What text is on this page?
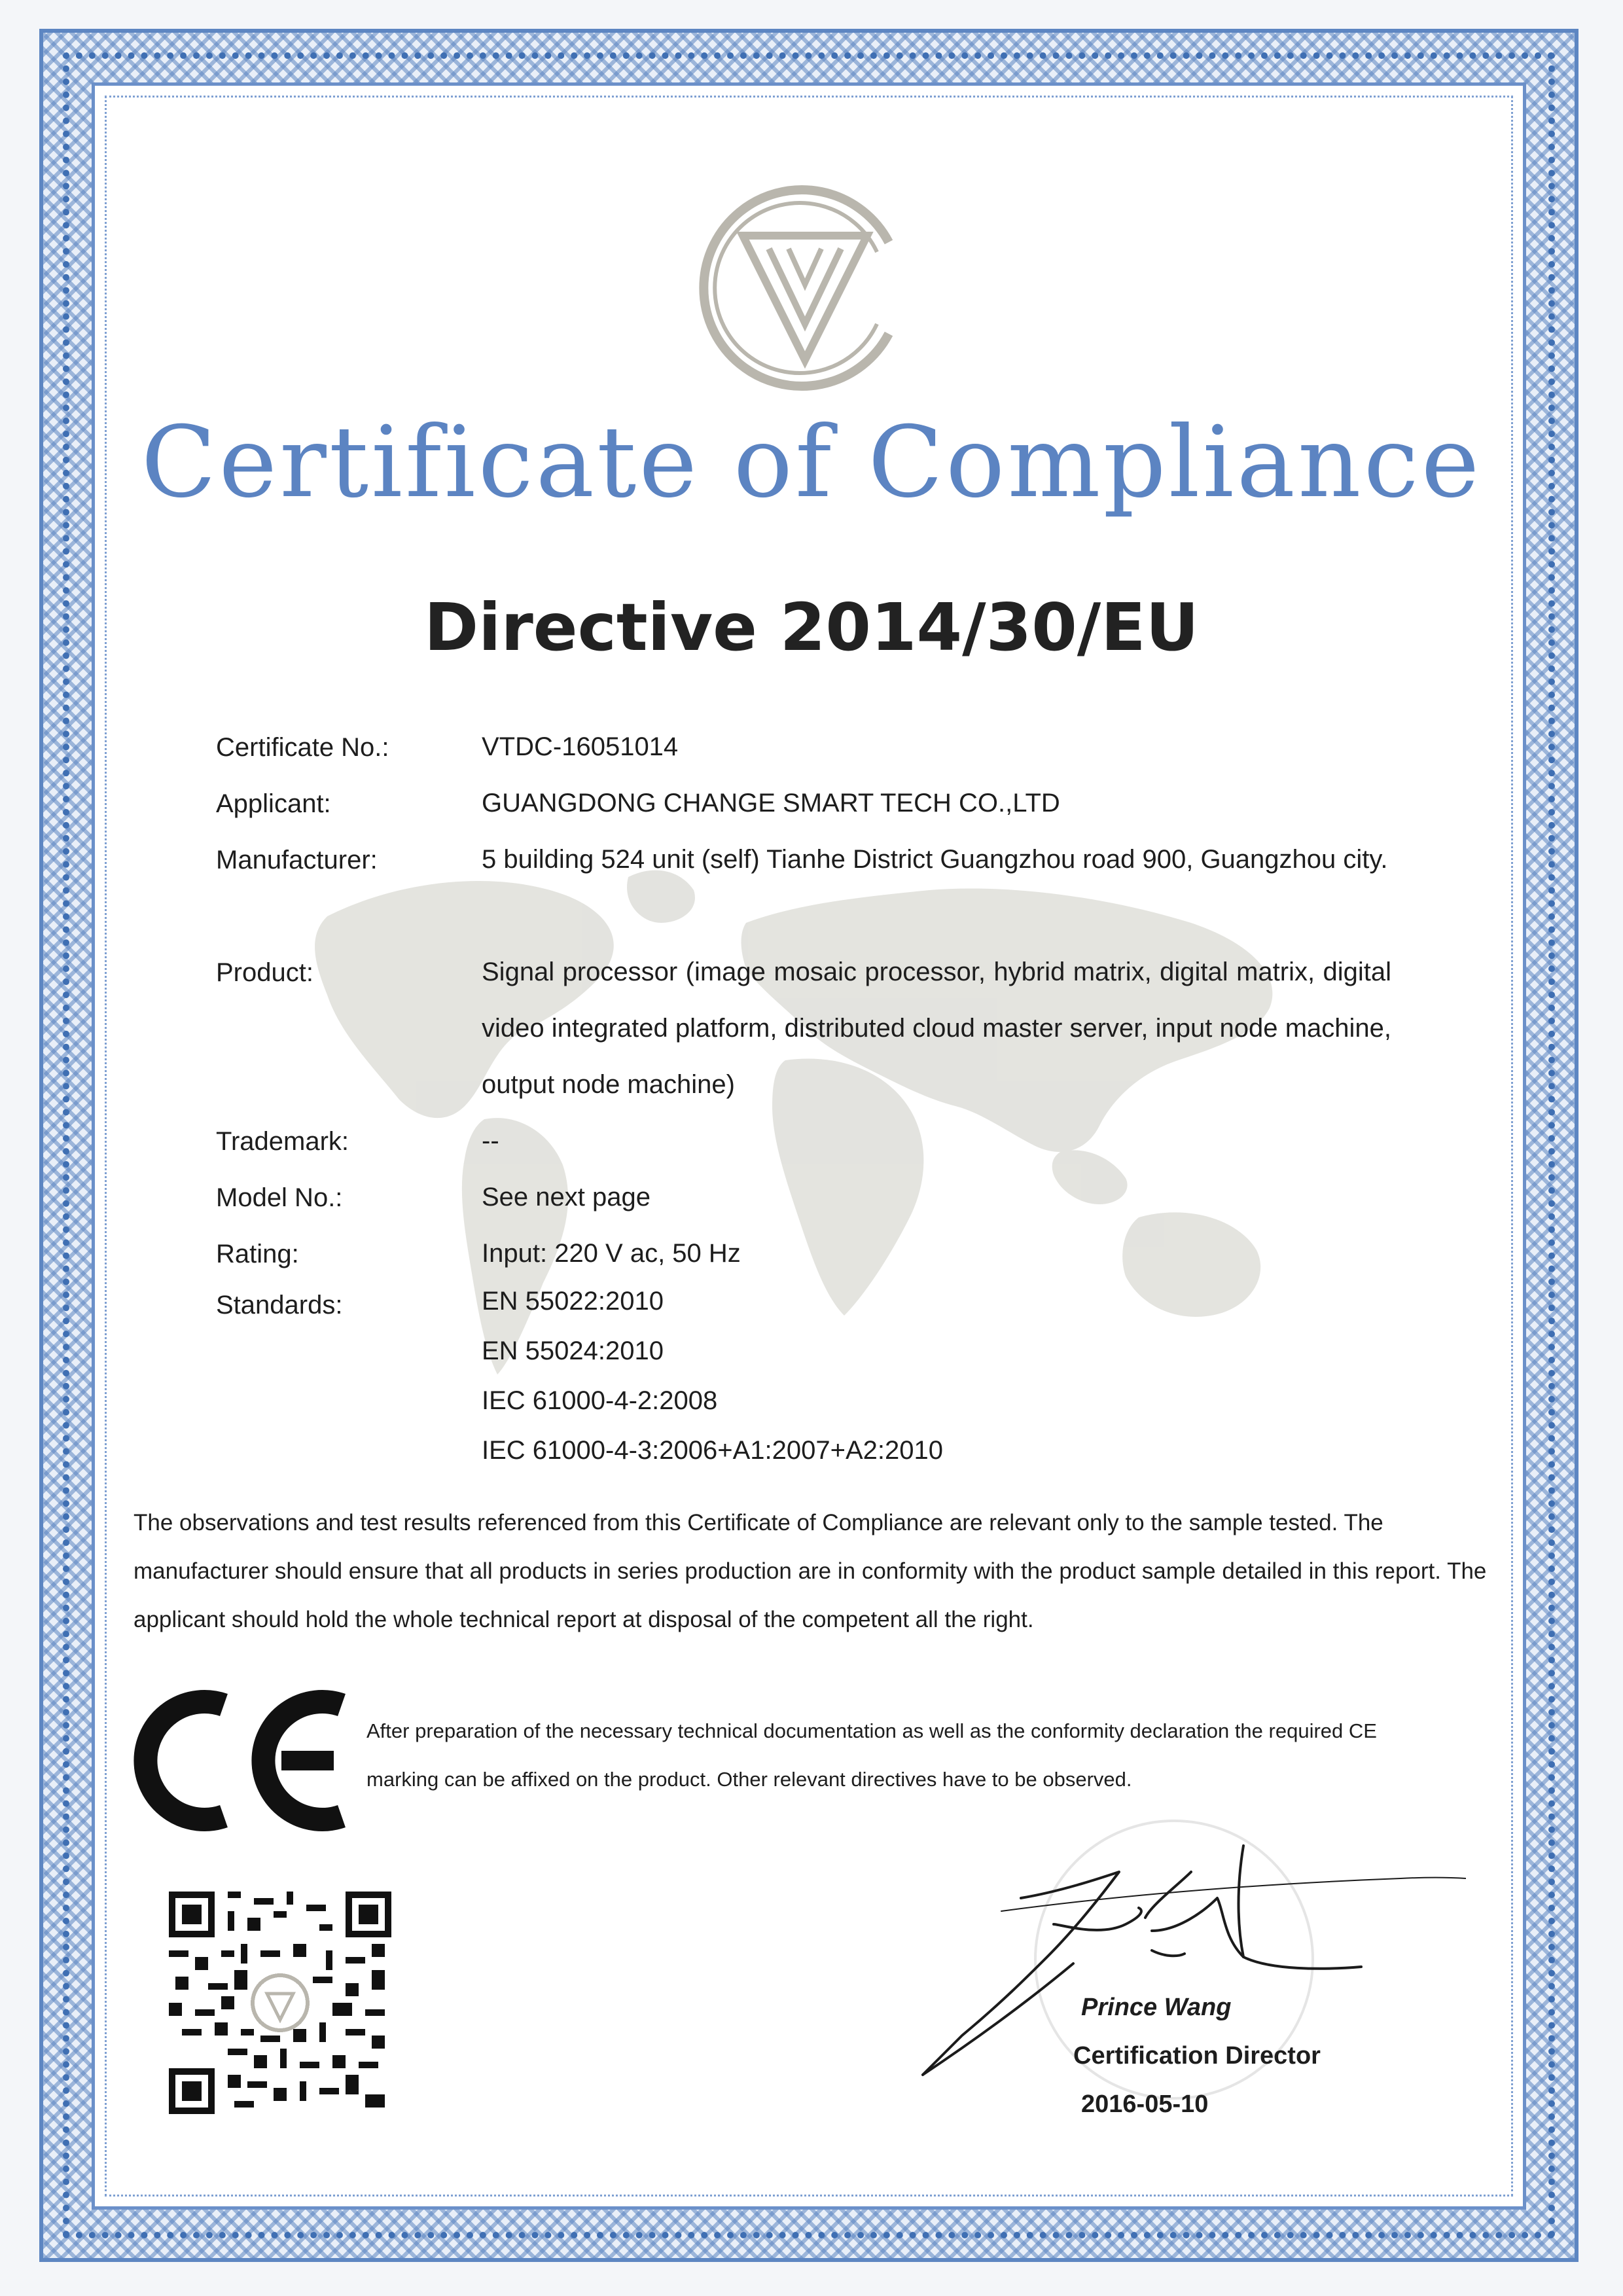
Certificate of Compliance
Directive 2014/30/EU
Certificate No.:	VTDC-16051014
Applicant:	GUANGDONG CHANGE SMART TECH CO.,LTD
Manufacturer:	5 building 524 unit (self) Tianhe District Guangzhou road 900, Guangzhou city.
Product:	Signal processor (image mosaic processor, hybrid matrix, digital matrix, digital video integrated platform, distributed cloud master server, input node machine, output node machine)
Trademark:	--
Model No.:	See next page
Rating:	Input: 220 V ac, 50 Hz
Standards:	EN 55022:2010
EN 55024:2010
IEC 61000-4-2:2008
IEC 61000-4-3:2006+A1:2007+A2:2010
The observations and test results referenced from this Certificate of Compliance are relevant only to the sample tested. The manufacturer should ensure that all products in series production are in conformity with the product sample detailed in this report. The applicant should hold the whole technical report at disposal of the competent all the right.
After preparation of the necessary technical documentation as well as the conformity declaration the required CE marking can be affixed on the product. Other relevant directives have to be observed.
Prince Wang
Certification Director
2016-05-10
